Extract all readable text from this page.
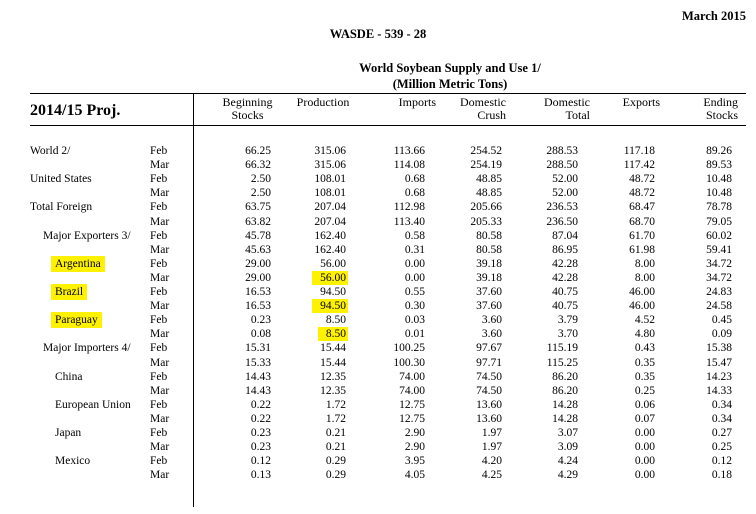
March 2015
WASDE - 539 - 28
World Soybean Supply and Use 1/
(Million Metric Tons)
2014/15 Proj.	Beginning
Stocks
Production	Imports	Domestic
Crush
Domestic
Total
Exports	Ending
Stocks
World 2/	Feb	66.25	315.06	113.66	254.52	288.53	117.18	89.26
Mar	66.32	315.06	114.08	254.19	288.50	117.42	89.53
United States	Feb	2.50	108.01	0.68	48.85	52.00	48.72	10.48
Mar	2.50	108.01	0.68	48.85	52.00	48.72	10.48
Total Foreign	Feb	63.75	207.04	112.98	205.66	236.53	68.47	78.78
Mar	63.82	207.04	113.40	205.33	236.50	68.70	79.05
Major Exporters 3/ Feb	45.78	162.40	0.58	80.58	87.04	61.70	60.02
Mar	45.63	162.40	0.31	80.58	86.95	61.98	59.41
Argentina	Feb	29.00	56.00	0.00	39.18	42.28	8.00	34.72
Mar	29.00	56.00	0.00	39.18	42.28	8.00	34.72
Brazil	Feb	16.53	94.50	0.55	37.60	40.75	46.00	24.83
Mar	16.53	94.50	0.30	37.60	40.75	46.00	24.58
Paraguay	Feb	0.23	8.50	0.03	3.60	3.79	4.52	0.45
Mar	0.08	8.50	0.01	3.60	3.70	4.80	0.09
Major Importers 4/ Feb	15.31	15.44	100.25	97.67	115.19	0.43	15.38
Mar	15.33	15.44	100.30	97.71	115.25	0.35	15.47
China	Feb	14.43	12.35	74.00	74.50	86.20	0.35	14.23
Mar	14.43	12.35	74.00	74.50	86.20	0.25	14.33
European Union Feb	0.22	1.72	12.75	13.60	14.28	0.06	0.34
Mar	0.22	1.72	12.75	13.60	14.28	0.07	0.34
Japan	Feb	0.23	0.21	2.90	1.97	3.07	0.00	0.27
Mar	0.23	0.21	2.90	1.97	3.09	0.00	0.25
Mexico	Feb	0.12	0.29	3.95	4.20	4.24	0.00	0.12
Mar	0.13	0.29	4.05	4.25	4.29	0.00	0.18
